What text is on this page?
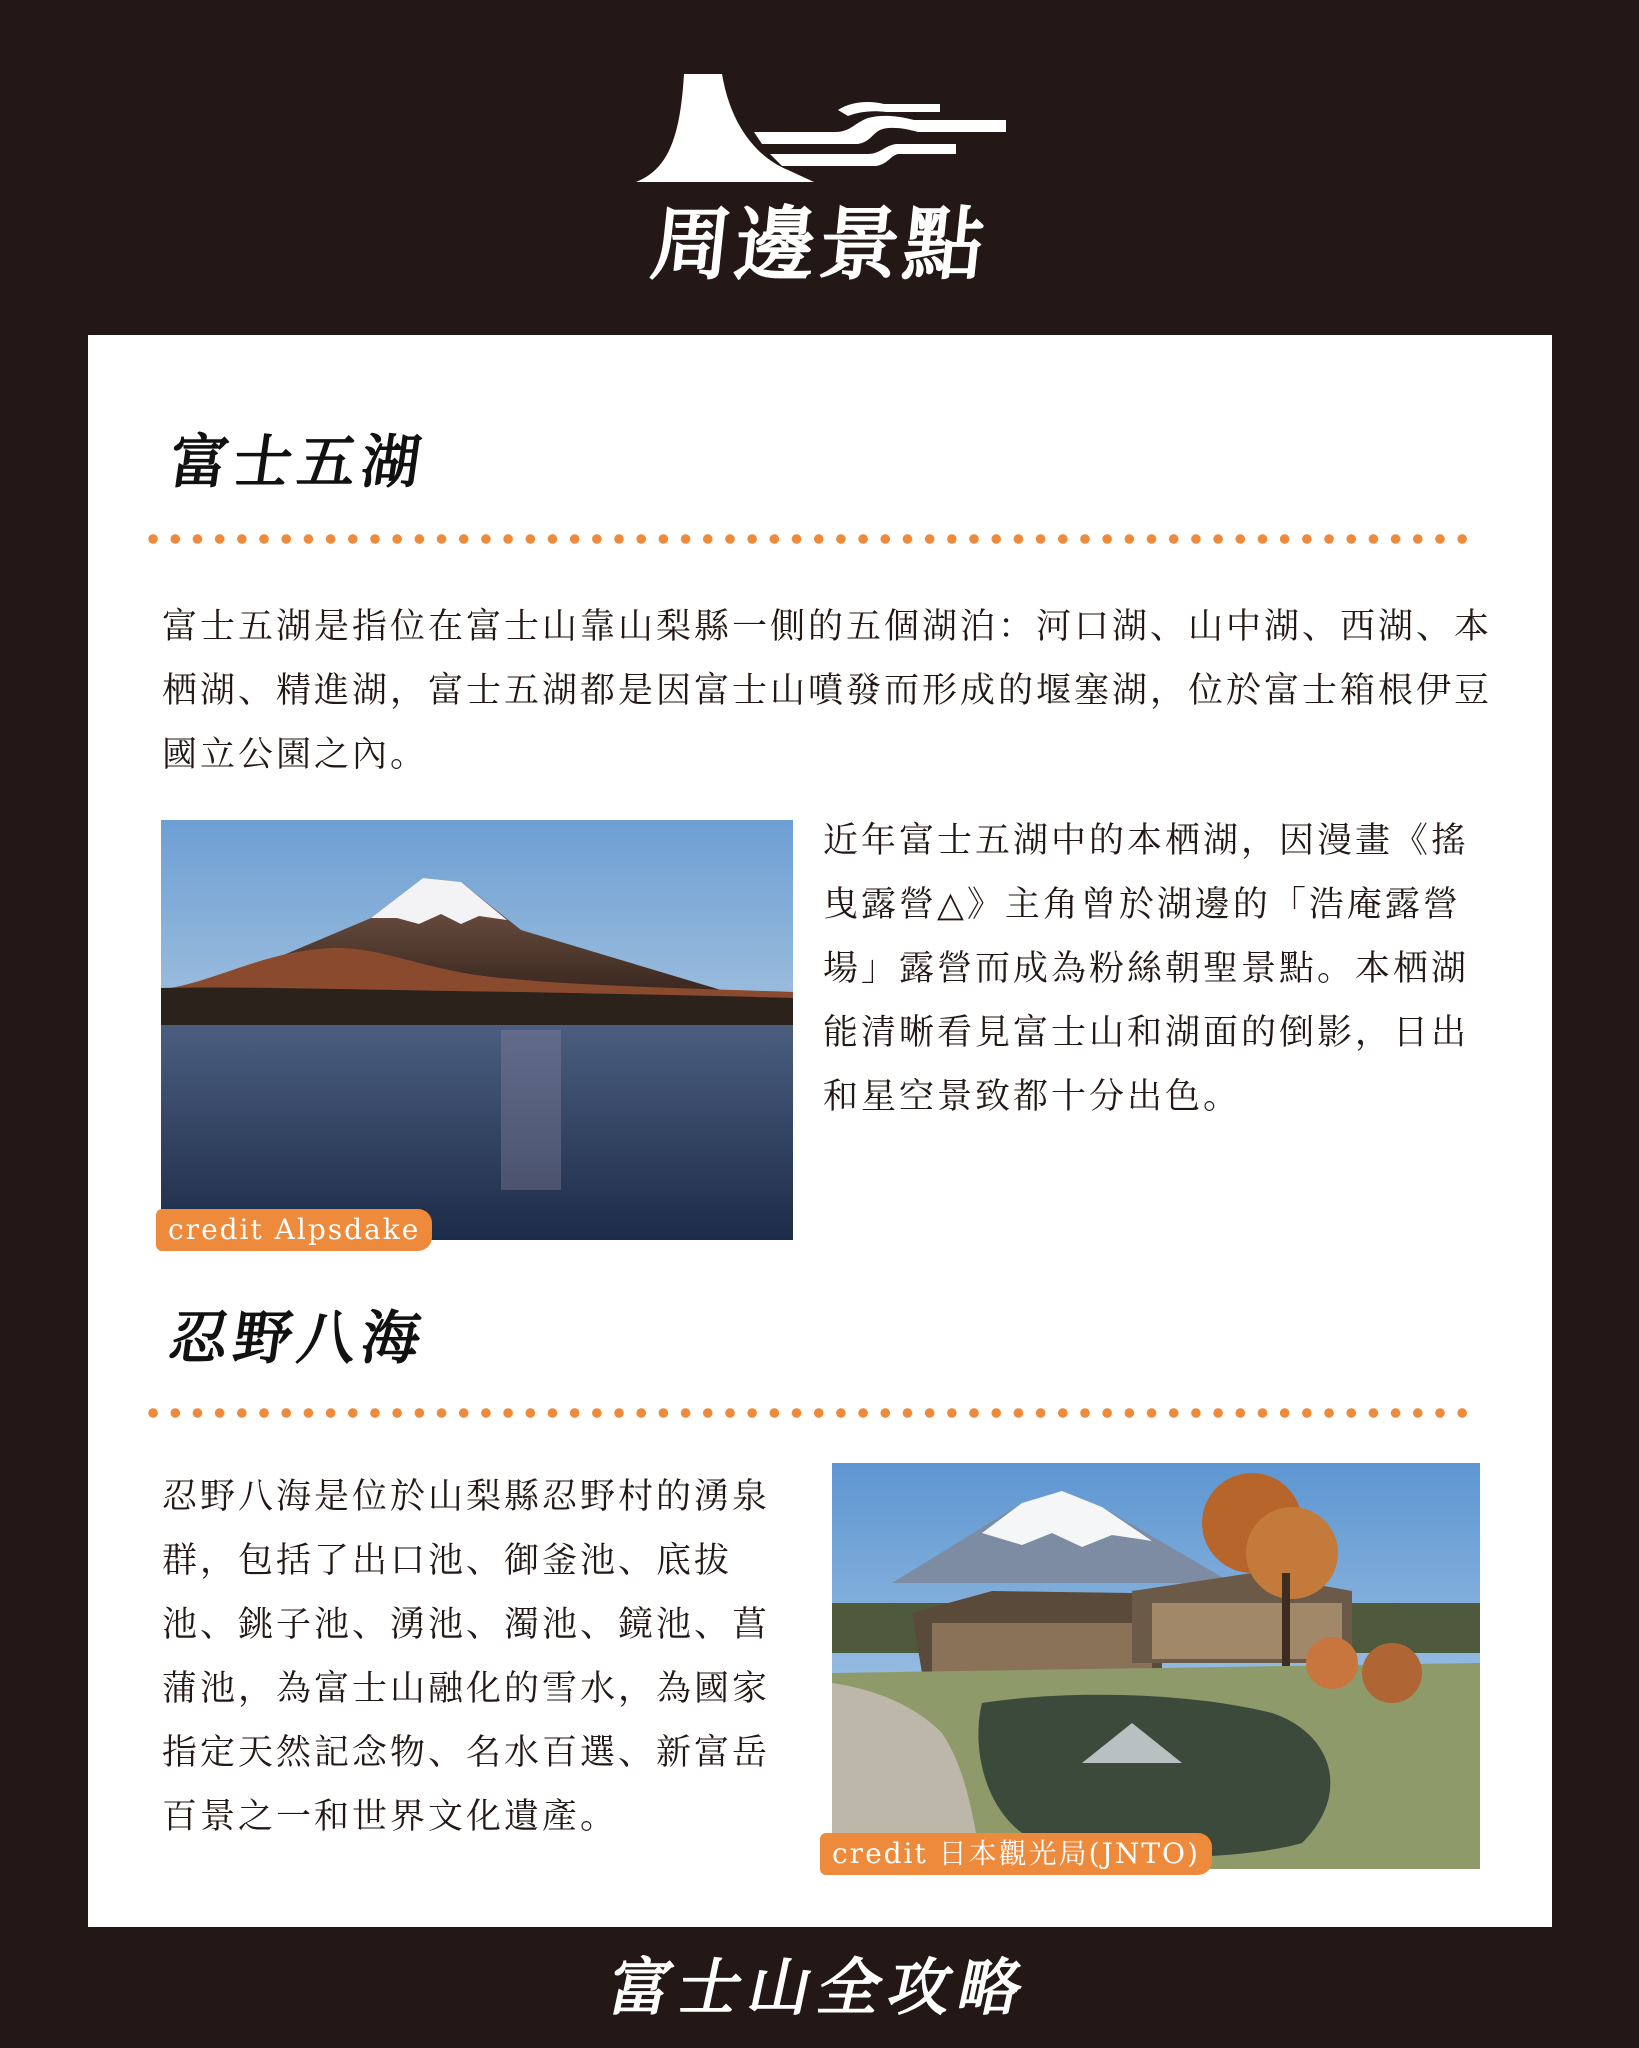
周邊景點
富士五湖

富士五湖是指位在富士山靠山梨縣一側的五個湖泊：河口湖、山中湖、西湖、本栖湖、精進湖，富士五湖都是因富士山噴發而形成的堰塞湖，位於富士箱根伊豆國立公園之內。

credit Alpsdake

近年富士五湖中的本栖湖，因漫畫《搖曳露營△》主角曾於湖邊的「浩庵露營場」露營而成為粉絲朝聖景點。本栖湖能清晰看見富士山和湖面的倒影，日出和星空景致都十分出色。

忍野八海

忍野八海是位於山梨縣忍野村的湧泉群，包括了出口池、御釜池、底拔池、銚子池、湧池、濁池、鏡池、菖蒲池，為富士山融化的雪水，為國家指定天然記念物、名水百選、新富岳百景之一和世界文化遺產。

credit 日本觀光局(JNTO)
富士山全攻略
